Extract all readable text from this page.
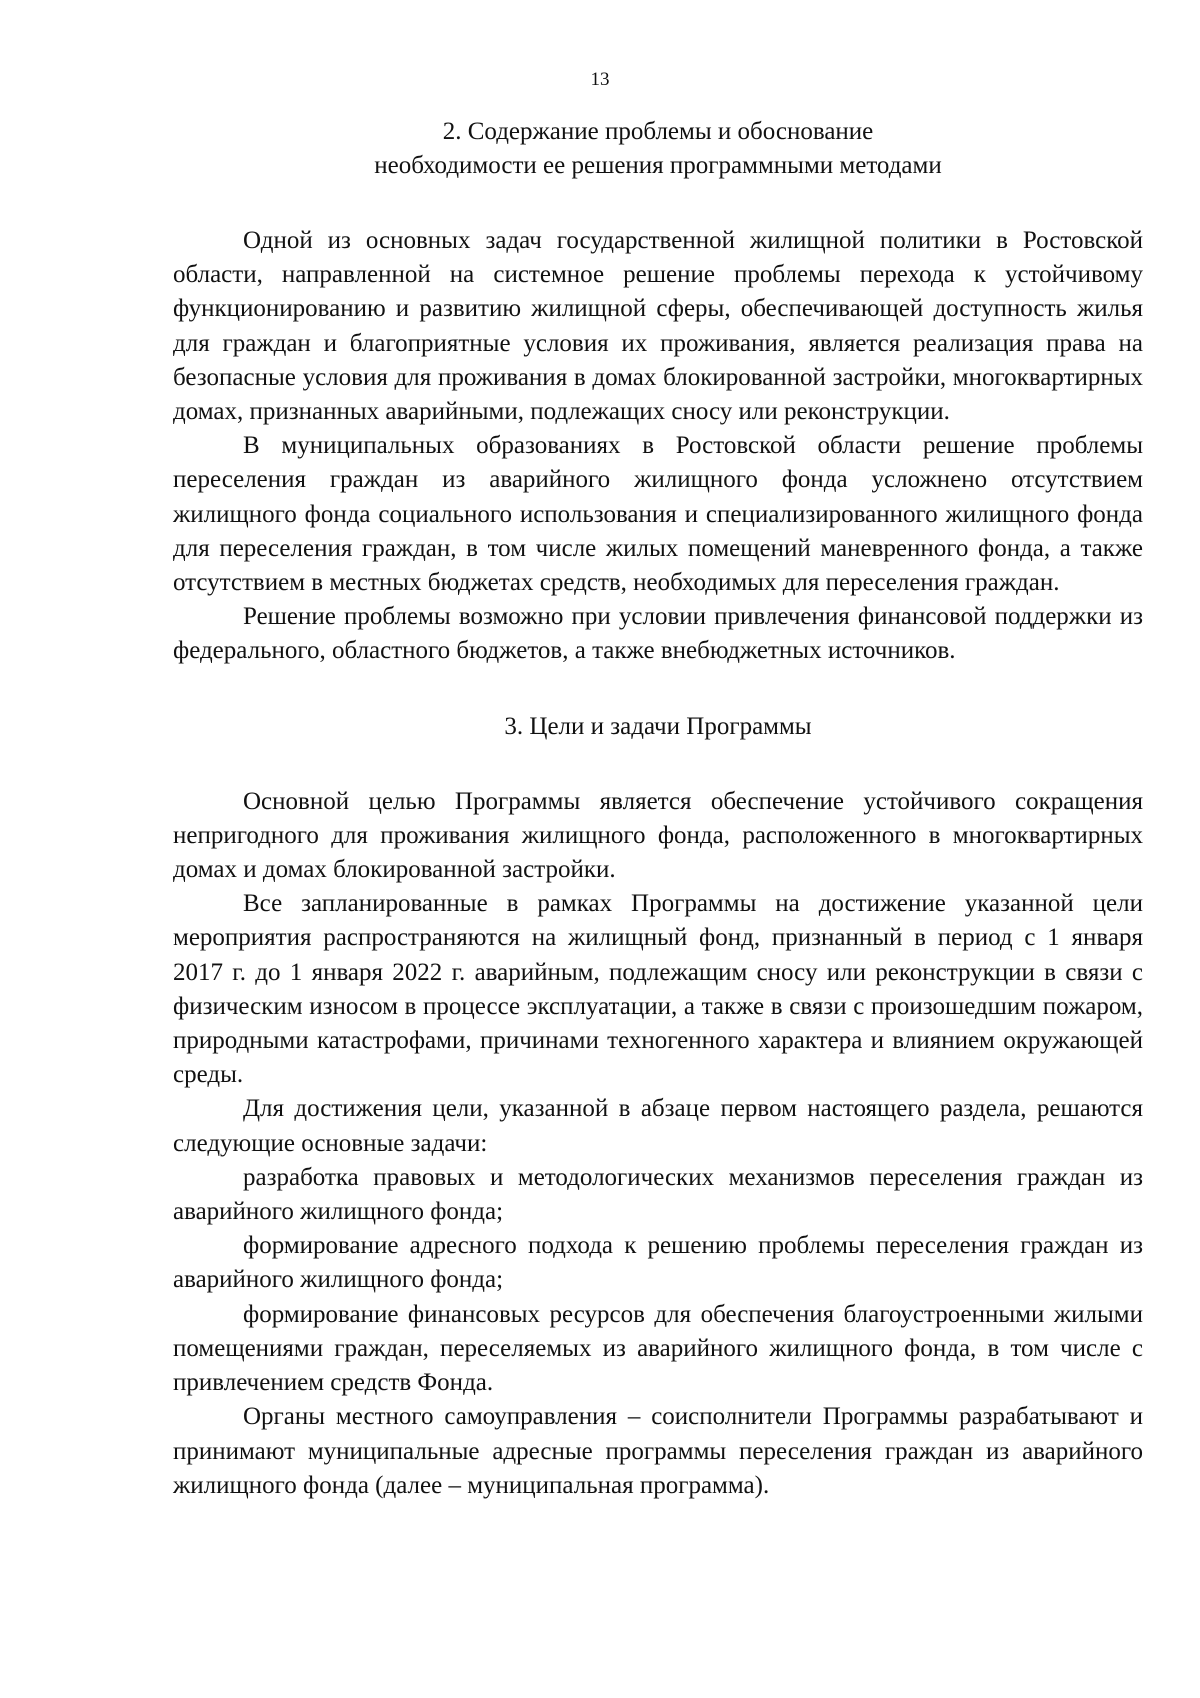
13
2. Содержание проблемы и обоснование
необходимости ее решения программными методами

Одной из основных задач государственной жилищной политики в Ростовской области, направленной на системное решение проблемы перехода к устойчивому функционированию и развитию жилищной сферы, обеспечивающей доступность жилья для граждан и благоприятные условия их проживания, является реализация права на безопасные условия для проживания в домах блокированной застройки, многоквартирных домах, признанных аварийными, подлежащих сносу или реконструкции.

В муниципальных образованиях в Ростовской области решение проблемы переселения граждан из аварийного жилищного фонда усложнено отсутствием жилищного фонда социального использования и специализированного жилищного фонда для переселения граждан, в том числе жилых помещений маневренного фонда, а также отсутствием в местных бюджетах средств, необходимых для переселения граждан.

Решение проблемы возможно при условии привлечения финансовой поддержки из федерального, областного бюджетов, а также внебюджетных источников.

3. Цели и задачи Программы

Основной целью Программы является обеспечение устойчивого сокращения непригодного для проживания жилищного фонда, расположенного в многоквартирных домах и домах блокированной застройки.

Все запланированные в рамках Программы на достижение указанной цели мероприятия распространяются на жилищный фонд, признанный в период с 1 января 2017 г. до 1 января 2022 г. аварийным, подлежащим сносу или реконструкции в связи с физическим износом в процессе эксплуатации, а также в связи с произошедшим пожаром, природными катастрофами, причинами техногенного характера и влиянием окружающей среды.

Для достижения цели, указанной в абзаце первом настоящего раздела, решаются следующие основные задачи:

разработка правовых и методологических механизмов переселения граждан из аварийного жилищного фонда;

формирование адресного подхода к решению проблемы переселения граждан из аварийного жилищного фонда;

формирование финансовых ресурсов для обеспечения благоустроенными жилыми помещениями граждан, переселяемых из аварийного жилищного фонда, в том числе с привлечением средств Фонда.

Органы местного самоуправления – соисполнители Программы разрабатывают и принимают муниципальные адресные программы переселения граждан из аварийного жилищного фонда (далее – муниципальная программа).
